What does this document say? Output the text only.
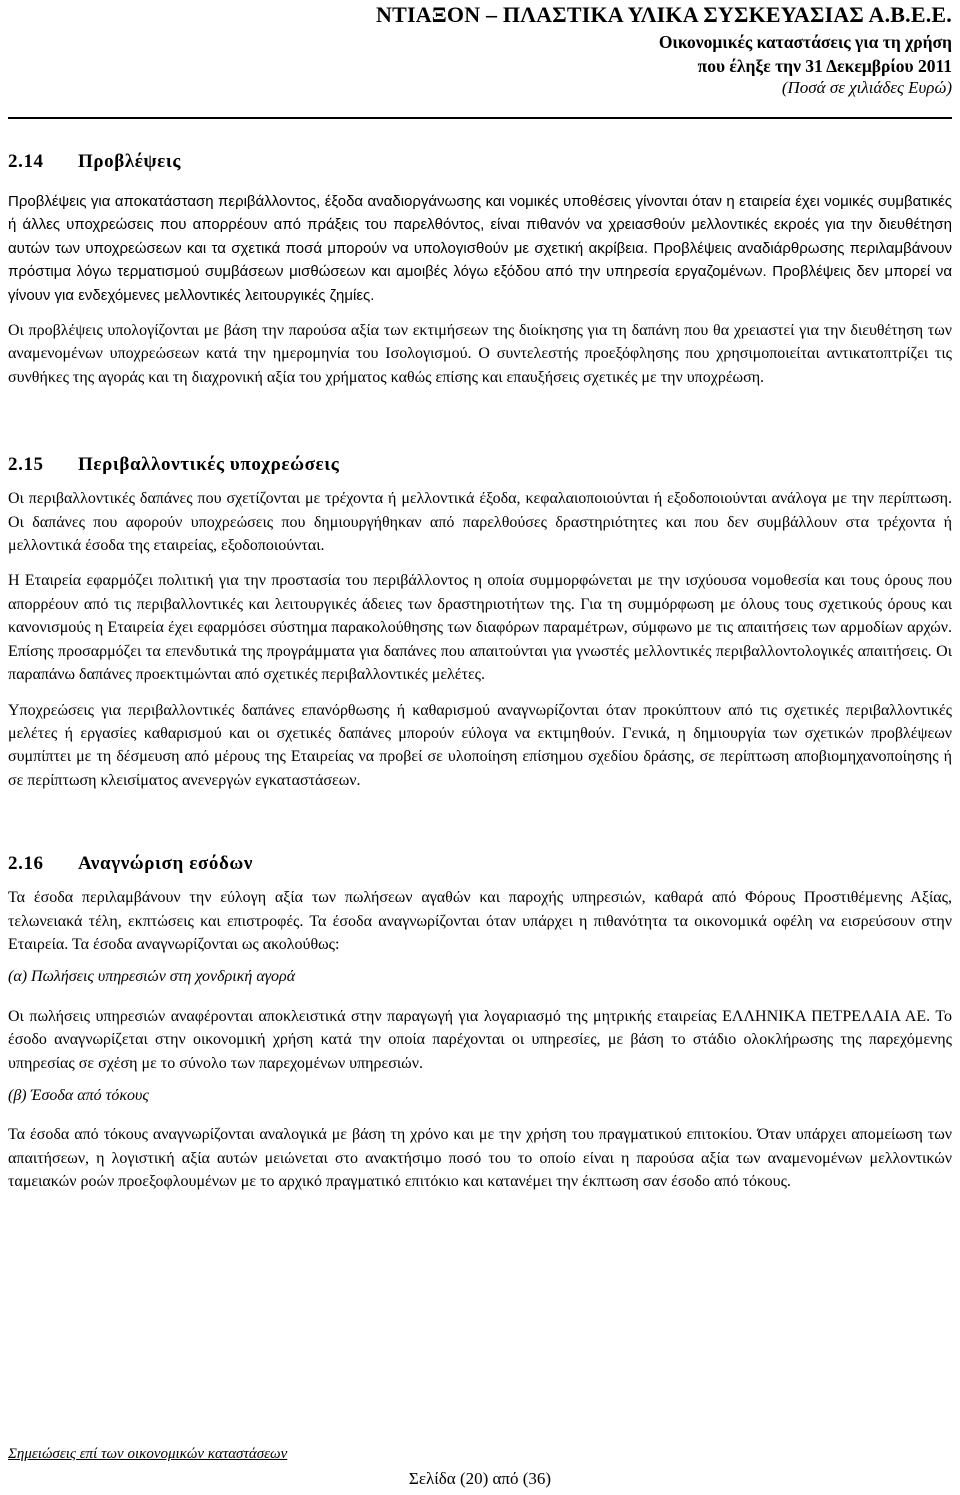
ΝΤΙΑΞΟΝ – ΠΛΑΣΤΙΚΑ ΥΛΙΚΑ ΣΥΣΚΕΥΑΣΙΑΣ Α.Β.Ε.Ε.
Οικονομικές καταστάσεις για τη χρήση
που έληξε την 31 Δεκεμβρίου 2011
(Ποσά σε χιλιάδες Ευρώ)
2.14 Προβλέψεις

Προβλέψεις για αποκατάσταση περιβάλλοντος, έξοδα αναδιοργάνωσης και νομικές υποθέσεις γίνονται όταν η εταιρεία έχει νομικές συμβατικές ή άλλες υποχρεώσεις που απορρέουν από πράξεις του παρελθόντος, είναι πιθανόν να χρειασθούν μελλοντικές εκροές για την διευθέτηση αυτών των υποχρεώσεων και τα σχετικά ποσά μπορούν να υπολογισθούν με σχετική ακρίβεια. Προβλέψεις αναδιάρθρωσης περιλαμβάνουν πρόστιμα λόγω τερματισμού συμβάσεων μισθώσεων και αμοιβές λόγω εξόδου από την υπηρεσία εργαζομένων. Προβλέψεις δεν μπορεί να γίνουν για ενδεχόμενες μελλοντικές λειτουργικές ζημίες.

Οι προβλέψεις υπολογίζονται με βάση την παρούσα αξία των εκτιμήσεων της διοίκησης για τη δαπάνη που θα χρειαστεί για την διευθέτηση των αναμενομένων υποχρεώσεων κατά την ημερομηνία του Ισολογισμού. Ο συντελεστής προεξόφλησης που χρησιμοποιείται αντικατοπτρίζει τις συνθήκες της αγοράς και τη διαχρονική αξία του χρήματος καθώς επίσης και επαυξήσεις σχετικές με την υποχρέωση.

2.15 Περιβαλλοντικές υποχρεώσεις

Οι περιβαλλοντικές δαπάνες που σχετίζονται με τρέχοντα ή μελλοντικά έξοδα, κεφαλαιοποιούνται ή εξοδοποιούνται ανάλογα με την περίπτωση. Οι δαπάνες που αφορούν υποχρεώσεις που δημιουργήθηκαν από παρελθούσες δραστηριότητες και που δεν συμβάλλουν στα τρέχοντα ή μελλοντικά έσοδα της εταιρείας, εξοδοποιούνται.

Η Εταιρεία εφαρμόζει πολιτική για την προστασία του περιβάλλοντος η οποία συμμορφώνεται με την ισχύουσα νομοθεσία και τους όρους που απορρέουν από τις περιβαλλοντικές και λειτουργικές άδειες των δραστηριοτήτων της. Για τη συμμόρφωση με όλους τους σχετικούς όρους και κανονισμούς η Εταιρεία έχει εφαρμόσει σύστημα παρακολούθησης των διαφόρων παραμέτρων, σύμφωνο με τις απαιτήσεις των αρμοδίων αρχών. Επίσης προσαρμόζει τα επενδυτικά της προγράμματα για δαπάνες που απαιτούνται για γνωστές μελλοντικές περιβαλλοντολογικές απαιτήσεις. Οι παραπάνω δαπάνες προεκτιμώνται από σχετικές περιβαλλοντικές μελέτες.

Υποχρεώσεις για περιβαλλοντικές δαπάνες επανόρθωσης ή καθαρισμού αναγνωρίζονται όταν προκύπτουν από τις σχετικές περιβαλλοντικές μελέτες ή εργασίες καθαρισμού και οι σχετικές δαπάνες μπορούν εύλογα να εκτιμηθούν. Γενικά, η δημιουργία των σχετικών προβλέψεων συμπίπτει με τη δέσμευση από μέρους της Εταιρείας να προβεί σε υλοποίηση επίσημου σχεδίου δράσης, σε περίπτωση αποβιομηχανοποίησης ή σε περίπτωση κλεισίματος ανενεργών εγκαταστάσεων.

2.16 Αναγνώριση εσόδων

Τα έσοδα περιλαμβάνουν την εύλογη αξία των πωλήσεων αγαθών και παροχής υπηρεσιών, καθαρά από Φόρους Προστιθέμενης Αξίας, τελωνειακά τέλη, εκπτώσεις και επιστροφές. Τα έσοδα αναγνωρίζονται όταν υπάρχει η πιθανότητα τα οικονομικά οφέλη να εισρεύσουν στην Εταιρεία. Τα έσοδα αναγνωρίζονται ως ακολούθως:

(α) Πωλήσεις υπηρεσιών στη χονδρική αγορά

Οι πωλήσεις υπηρεσιών αναφέρονται αποκλειστικά στην παραγωγή για λογαριασμό της μητρικής εταιρείας ΕΛΛΗΝΙΚΑ ΠΕΤΡΕΛΑΙΑ ΑΕ. Το έσοδο αναγνωρίζεται στην οικονομική χρήση κατά την οποία παρέχονται οι υπηρεσίες, με βάση το στάδιο ολοκλήρωσης της παρεχόμενης υπηρεσίας σε σχέση με το σύνολο των παρεχομένων υπηρεσιών.

(β) Έσοδα από τόκους

Τα έσοδα από τόκους αναγνωρίζονται αναλογικά με βάση τη χρόνο και με την χρήση του πραγματικού επιτοκίου. Όταν υπάρχει απομείωση των απαιτήσεων, η λογιστική αξία αυτών μειώνεται στο ανακτήσιμο ποσό του το οποίο είναι η παρούσα αξία των αναμενομένων μελλοντικών ταμειακών ροών προεξοφλουμένων με το αρχικό πραγματικό επιτόκιο και κατανέμει την έκπτωση σαν έσοδο από τόκους.

Σημειώσεις επί των οικονομικών καταστάσεων
Σελίδα (20) από (36)
